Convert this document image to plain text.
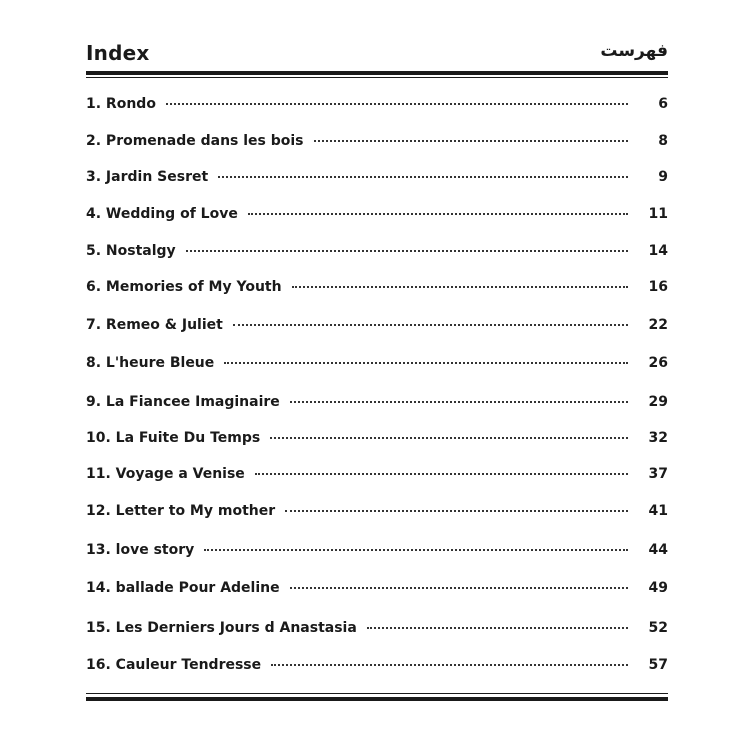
Index	فهرست
1. Rondo	6
2. Promenade dans les bois	8
3. Jardin Sesret	9
4. Wedding of Love	11
5. Nostalgy	14
6. Memories of My Youth	16
7. Remeo & Juliet	22
8. L'heure Bleue	26
9. La Fiancee Imaginaire	29
10. La Fuite Du Temps	32
11. Voyage a Venise	37
12. Letter to My mother	41
13. love story	44
14. ballade Pour Adeline	49
15. Les Derniers Jours d Anastasia	52
16. Cauleur Tendresse	57
